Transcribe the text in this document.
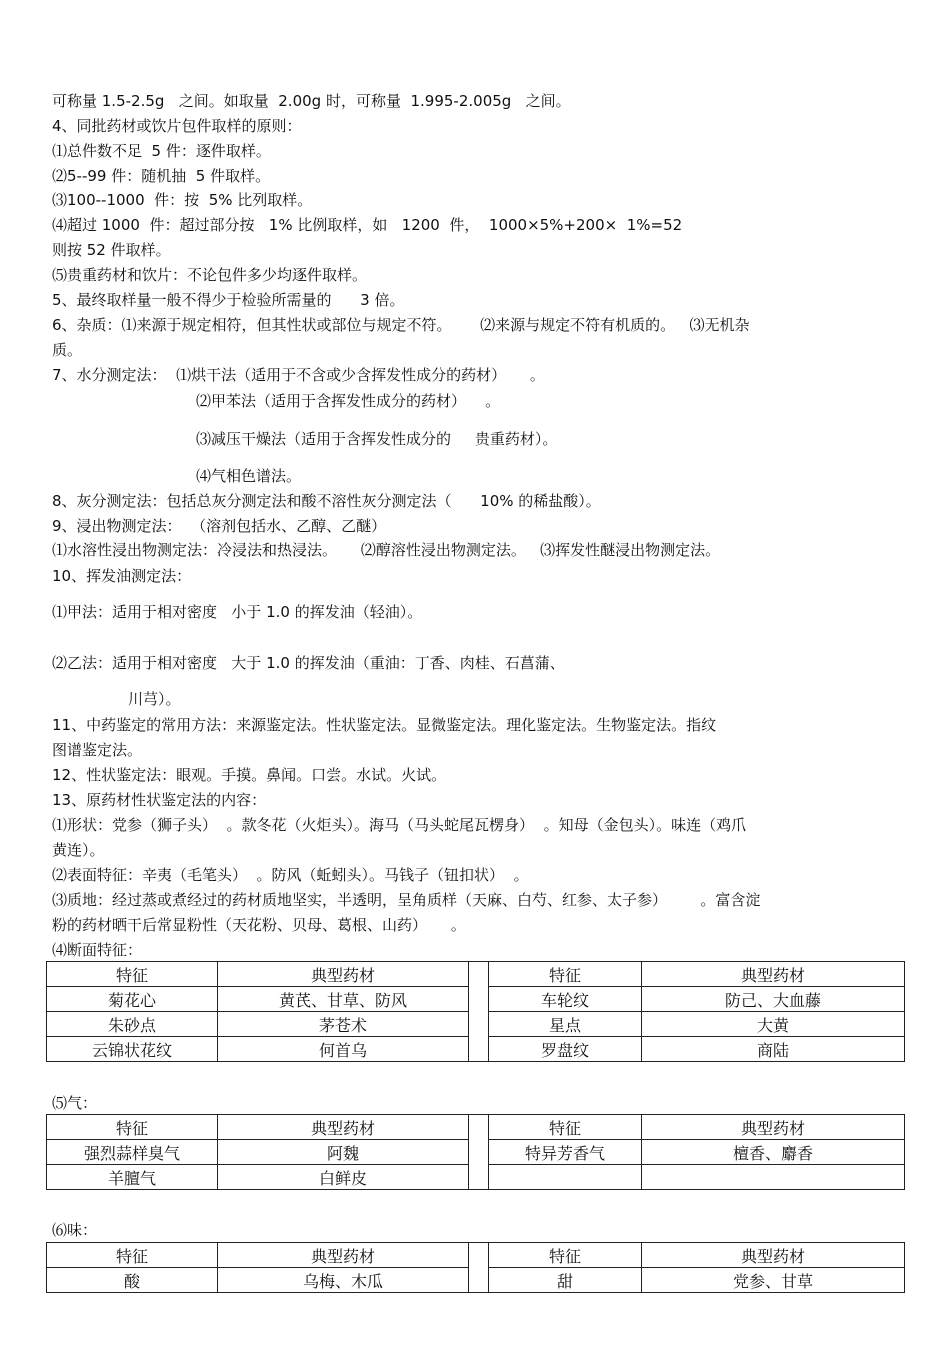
可称量 1.5-2.5g   之间。如取量  2.00g 时，可称量  1.995-2.005g   之间。
4、同批药材或饮片包件取样的原则：
⑴总件数不足  5 件：逐件取样。
⑵5--99 件：随机抽  5 件取样。
⑶100--1000  件：按  5% 比列取样。
⑷超过 1000  件：超过部分按   1% 比例取样，如   1200  件，  1000×5%+200×  1%=52
则按 52 件取样。
⑸贵重药材和饮片：不论包件多少均逐件取样。
5、最终取样量一般不得少于检验所需量的      3 倍。
6、杂质：⑴来源于规定相符，但其性状或部位与规定不符。      ⑵来源与规定不符有机质的。   ⑶无机杂
质。
7、水分测定法：  ⑴烘干法（适用于不含或少含挥发性成分的药材）     。
⑵甲苯法（适用于含挥发性成分的药材）    。
⑶减压干燥法（适用于含挥发性成分的     贵重药材）。
⑷气相色谱法。
8、灰分测定法：包括总灰分测定法和酸不溶性灰分测定法（      10% 的稀盐酸）。
9、浸出物测定法：  （溶剂包括水、乙醇、乙醚）
⑴水溶性浸出物测定法：冷浸法和热浸法。     ⑵醇溶性浸出物测定法。   ⑶挥发性醚浸出物测定法。
10、挥发油测定法：
⑴甲法：适用于相对密度   小于 1.0 的挥发油（轻油）。
⑵乙法：适用于相对密度   大于 1.0 的挥发油（重油：丁香、肉桂、石菖蒲、
川芎）。
11、中药鉴定的常用方法：来源鉴定法。性状鉴定法。显微鉴定法。理化鉴定法。生物鉴定法。指纹
图谱鉴定法。
12、性状鉴定法：眼观。手摸。鼻闻。口尝。水试。火试。
13、原药材性状鉴定法的内容：
⑴形状：党参（狮子头）  。款冬花（火炬头）。海马（马头蛇尾瓦楞身）  。知母（金包头）。味连（鸡爪
黄连）。
⑵表面特征：辛夷（毛笔头）  。防风（蚯蚓头）。马钱子（钮扣状）  。
⑶质地：经过蒸或煮经过的药材质地坚实，半透明，呈角质样（天麻、白芍、红参、太子参）       。富含淀
粉的药材晒干后常显粉性（天花粉、贝母、葛根、山药）     。
⑷断面特征：
特征	典型药材		特征	典型药材
菊花心	黄芪、甘草、防风		车轮纹	防己、大血藤
朱砂点	茅苍术		星点	大黄
云锦状花纹	何首乌		罗盘纹	商陆
⑸气：
特征	典型药材		特征	典型药材
强烈蒜样臭气	阿魏		特异芳香气	檀香、麝香
羊膻气	白鲜皮			
⑹味：
特征	典型药材		特征	典型药材
酸	乌梅、木瓜		甜	党参、甘草
